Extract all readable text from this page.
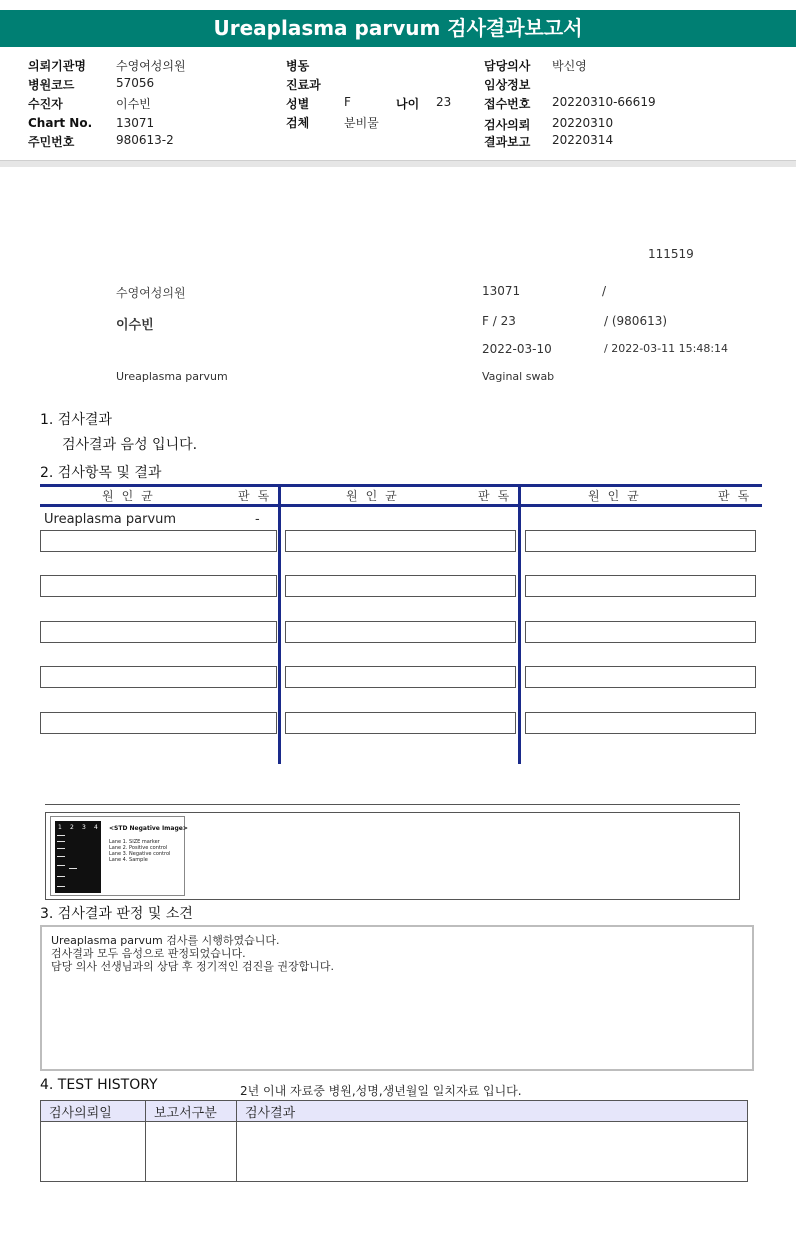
Ureaplasma parvum 검사결과보고서
의뢰기관명	수영여성의원
병원코드	57056
수진자	이수빈
Chart No. 13071
주민번호	980613-2
병동
진료과
성별	F	나이 23
검체	분비물
담당의사 박신영
임상정보
접수번호 20220310-66619
검사의뢰 20220310
결과보고 20220314
111519
수영여성의원	13071	/
이수빈	F / 23	/ (980613)
2022-03-10	/ 2022-03-11 15:48:14
Ureaplasma parvum	Vaginal swab
1. 검사결과
검사결과 음성 입니다.
2. 검사항목 및 결과
원인균	판독	원인균	판독	원인균	판독
Ureaplasma parvum	-
1 2 3 4 <STD Negative Image>
Lane 1. SIZE marker
Lane 2. Positive control
Lane 3. Negative control
Lane 4. Sample
3. 검사결과 판정 및 소견
Ureaplasma parvum 검사를 시행하였습니다.
검사결과 모두 음성으로 판정되었습니다.
담당 의사 선생님과의 상담 후 정기적인 검진을 권장합니다.
4. TEST HISTORY	2년 이내 자료중 병원,성명,생년월일 일치자료 입니다.
검사의뢰일	보고서구분	검사결과
